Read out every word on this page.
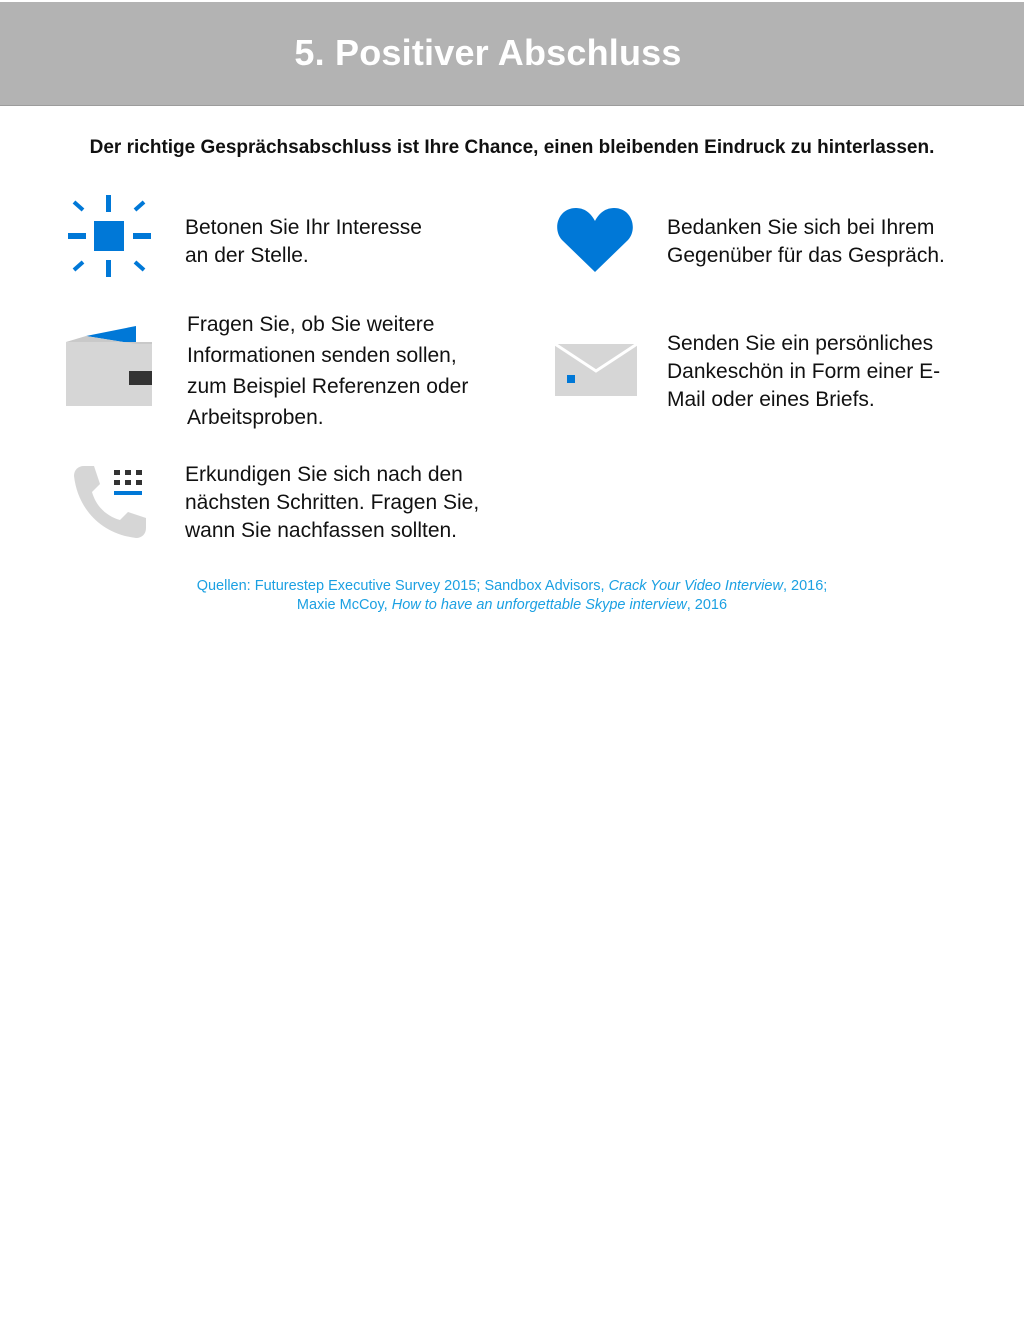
5. Positiver Abschluss
Der richtige Gesprächsabschluss ist Ihre Chance, einen bleibenden Eindruck zu hinterlassen.
Betonen Sie Ihr Interesse
an der Stelle.
Bedanken Sie sich bei Ihrem
Gegenüber für das Gespräch.
Fragen Sie, ob Sie weitere
Informationen senden sollen,
zum Beispiel Referenzen oder
Arbeitsproben.
Senden Sie ein persönliches
Dankeschön in Form einer E-
Mail oder eines Briefs.
Erkundigen Sie sich nach den
nächsten Schritten. Fragen Sie,
wann Sie nachfassen sollten.
Quellen: Futurestep Executive Survey 2015; Sandbox Advisors, Crack Your Video Interview, 2016;
Maxie McCoy, How to have an unforgettable Skype interview, 2016
